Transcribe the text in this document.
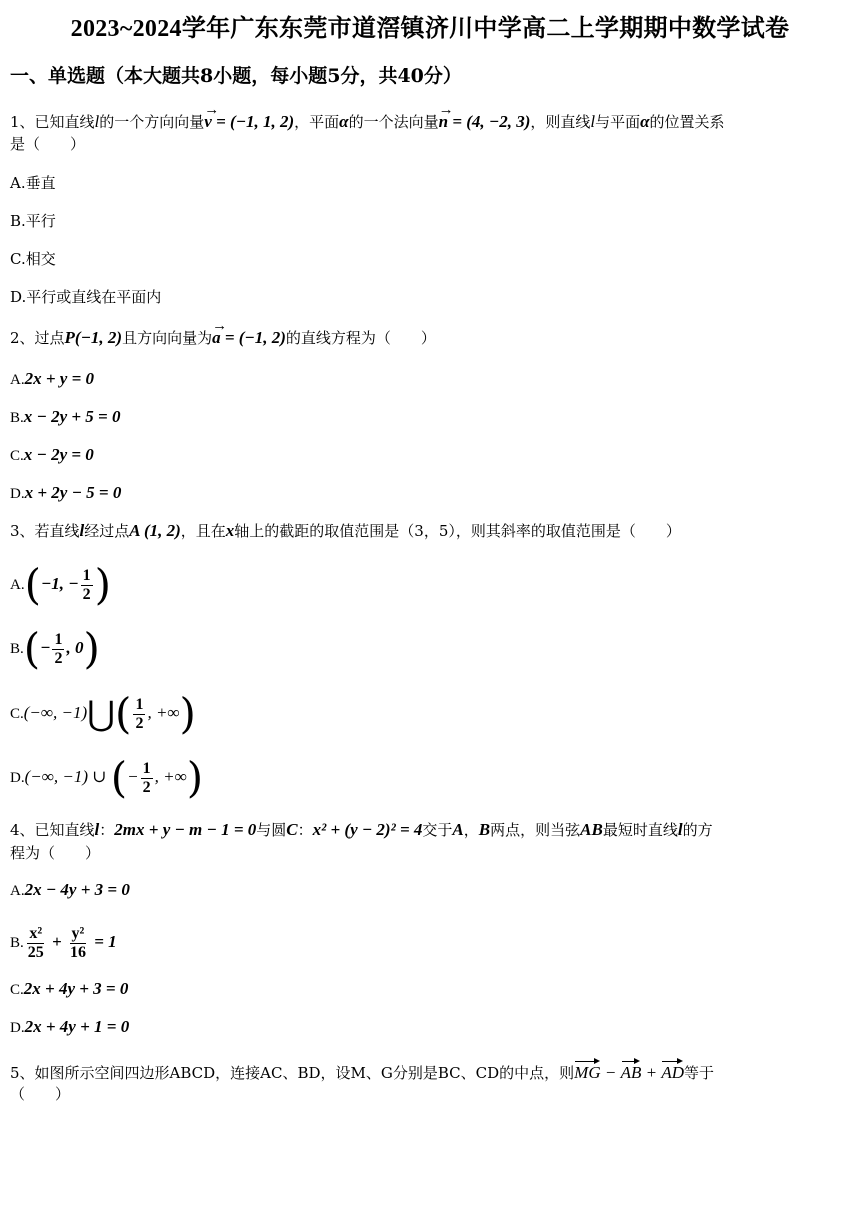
2023~2024学年广东东莞市道滘镇济川中学高二上学期期中数学试卷
一、单选题（本大题共8小题，每小题5分，共40分）
1、已知直线l的一个方向向量→ v = (−1, 1, 2)，平面α的一个法向量→ n = (4, −2, 3)，则直线l与平面α的位置关系
是（　　）
A.垂直
B.平行
C.相交
D.平行或直线在平面内
2、过点P(−1, 2)且方向向量为→ a = (−1, 2)的直线方程为（　　）
A.2x + y = 0
B.x − 2y + 5 = 0
C.x − 2y = 0
D.x + 2y − 5 = 0
3、若直线l经过点A (1, 2)，且在x轴上的截距的取值范围是（3，5），则其斜率的取值范围是（　　）
A.(−1, − $\frac{1}{2}$ )
$B.(- \frac{1}{2}$ , 0)
C.(−∞, −1)⋃( $\frac{1}{2}$ , +∞)
D.(−∞, −1) ∪ (− $\frac{1}{2}$ , +∞)
4、已知直线l：2mx + y − m − 1 = 0与圆C：x² + (y − 2)² = 4交于A，B两点，则当弦AB最短时直线l的方
程为（　　）
A.2x − 4y + 3 = 0
B. $\frac{\text{x²}}{25} + \frac{\text{y²}}{16} = 1$
C.2x + 4y + 3 = 0
D.2x + 4y + 1 = 0
5、如图所示空间四边形ABCD，连接AC、BD，设M、G分别是BC、CD的中点，则MG − AB + AD等于
（　　）
